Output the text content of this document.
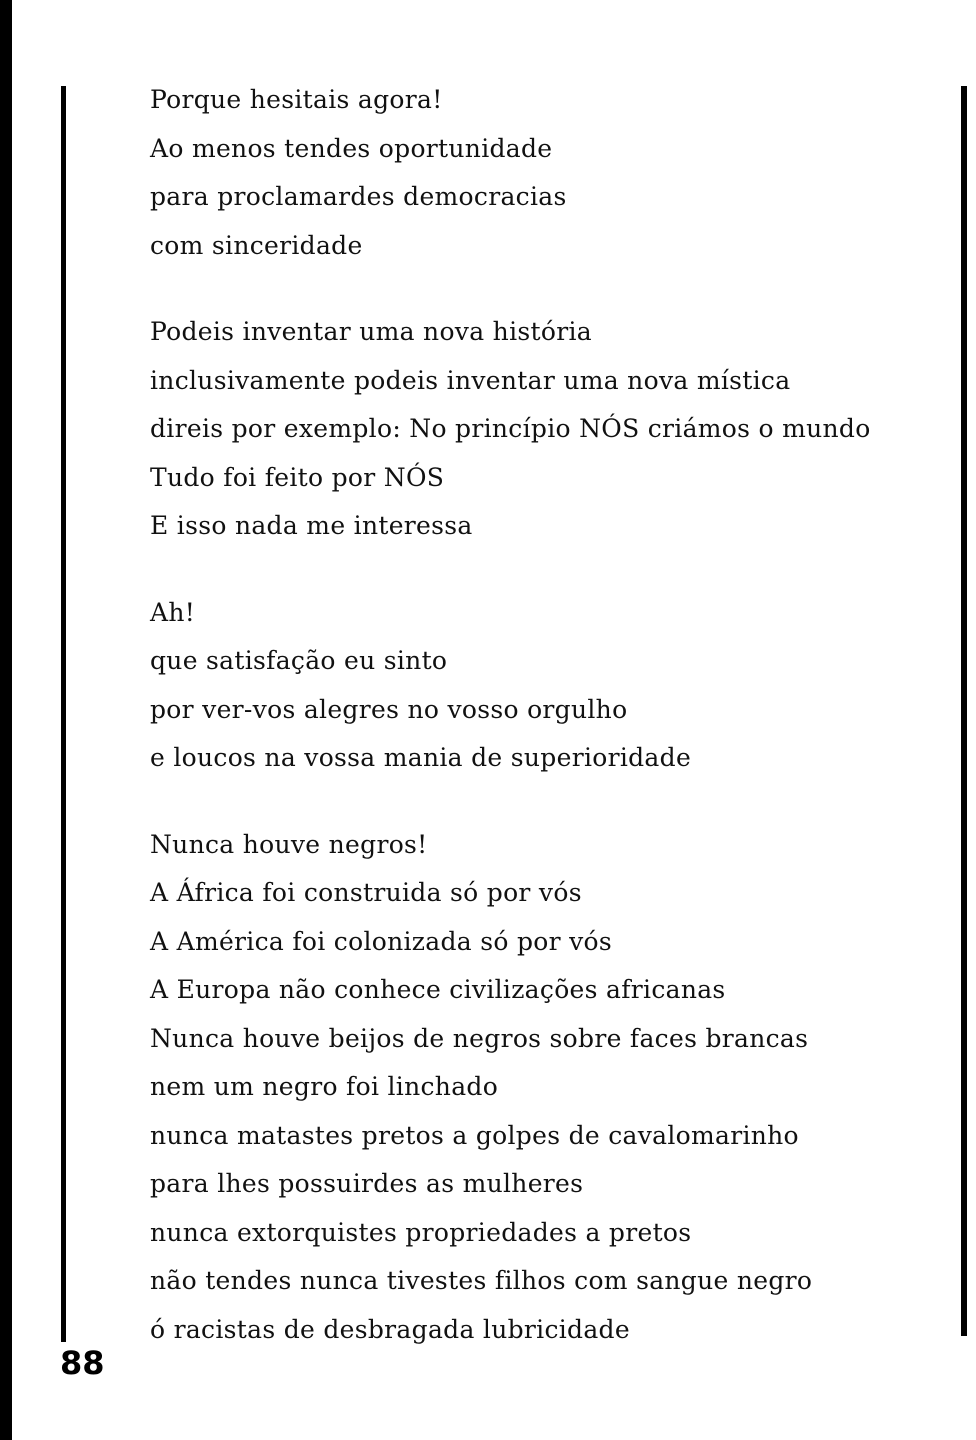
Porque hesitais agora!
Ao menos tendes oportunidade
para proclamardes democracias
com sinceridade
Podeis inventar uma nova história
inclusivamente podeis inventar uma nova mística
direis por exemplo: No princípio NÓS criámos o mundo
Tudo foi feito por NÓS
E isso nada me interessa
Ah!
que satisfação eu sinto
por ver-vos alegres no vosso orgulho
e loucos na vossa mania de superioridade
Nunca houve negros!
A África foi construida só por vós
A América foi colonizada só por vós
A Europa não conhece civilizações africanas
Nunca houve beijos de negros sobre faces brancas
nem um negro foi linchado
nunca matastes pretos a golpes de cavalomarinho
para lhes possuirdes as mulheres
nunca extorquistes propriedades a pretos
não tendes nunca tivestes filhos com sangue negro
ó racistas de desbragada lubricidade
88
